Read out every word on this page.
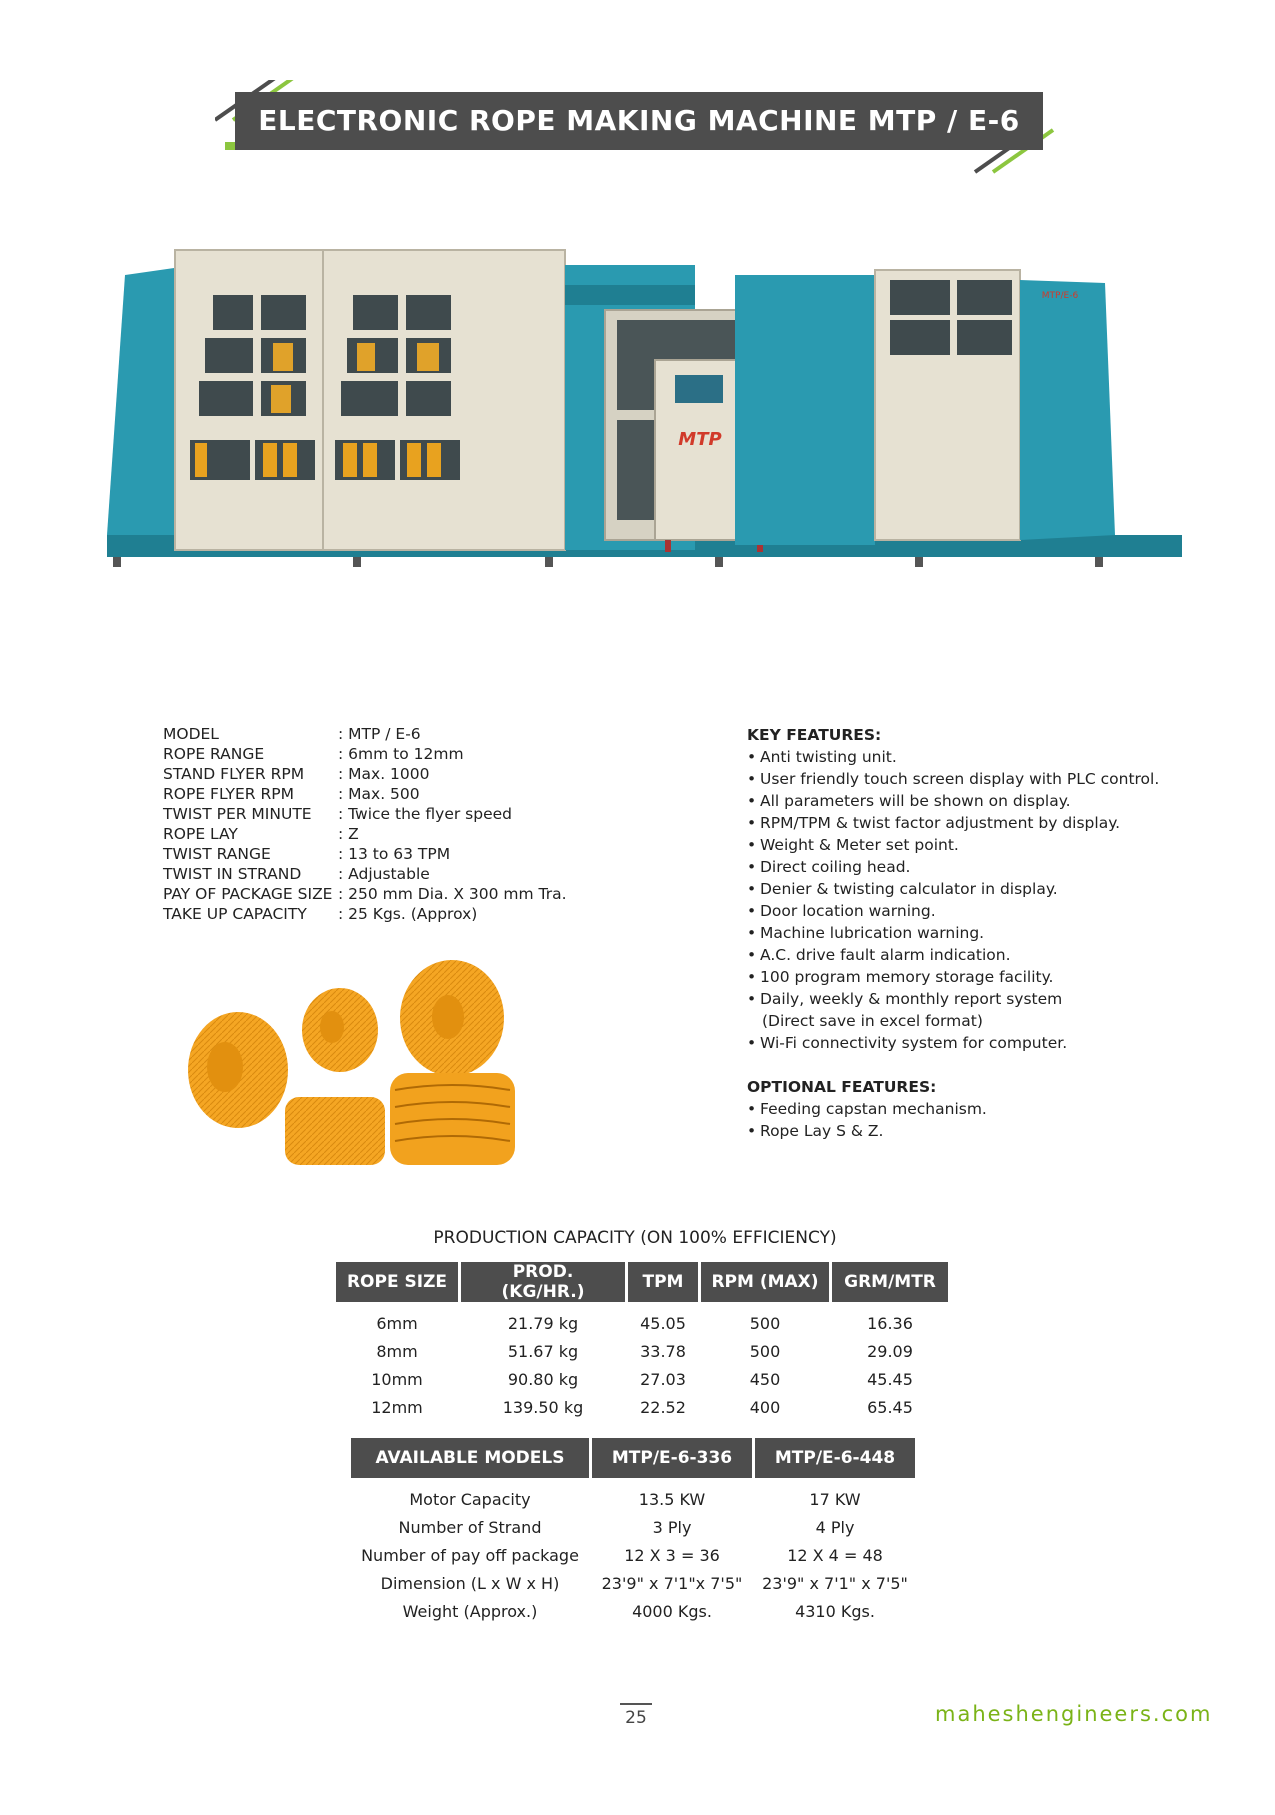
ELECTRONIC ROPE MAKING MACHINE MTP / E-6
MTP
MTP/E-6
MODEL	: MTP / E-6
ROPE RANGE	: 6mm to 12mm
STAND FLYER RPM	: Max. 1000
ROPE FLYER RPM	: Max. 500
TWIST PER MINUTE	: Twice the flyer speed
ROPE LAY	: Z
TWIST RANGE	: 13 to 63 TPM
TWIST IN STRAND	: Adjustable
PAY OF PACKAGE SIZE : 250 mm Dia. X 300 mm Tra.
TAKE UP CAPACITY	: 25 Kgs. (Approx)
KEY FEATURES:
• Anti twisting unit.
• User friendly touch screen display with PLC control.
• All parameters will be shown on display.
• RPM/TPM & twist factor adjustment by display.
• Weight & Meter set point.
• Direct coiling head.
• Denier & twisting calculator in display.
• Door location warning.
• Machine lubrication warning.
• A.C. drive fault alarm indication.
• 100 program memory storage facility.
• Daily, weekly & monthly report system
(Direct save in excel format)
• Wi-Fi connectivity system for computer.
OPTIONAL FEATURES:
• Feeding capstan mechanism.
• Rope Lay S & Z.
PRODUCTION CAPACITY (ON 100% EFFICIENCY)
ROPE SIZE	PROD. (KG/HR.)	TPM	RPM (MAX)	GRM/MTR
6mm	21.79 kg	45.05	500	16.36
8mm	51.67 kg	33.78	500	29.09
10mm	90.80 kg	27.03	450	45.45
12mm	139.50 kg	22.52	400	65.45
AVAILABLE MODELS	MTP/E-6-336	MTP/E-6-448
Motor Capacity	13.5 KW	17 KW
Number of Strand	3 Ply	4 Ply
Number of pay off package	12 X 3 = 36	12 X 4 = 48
Dimension (L x W x H)	23'9" x 7'1"x 7'5"	23'9" x 7'1" x 7'5"
Weight (Approx.)	4000 Kgs.	4310 Kgs.
25	maheshengineers.com
